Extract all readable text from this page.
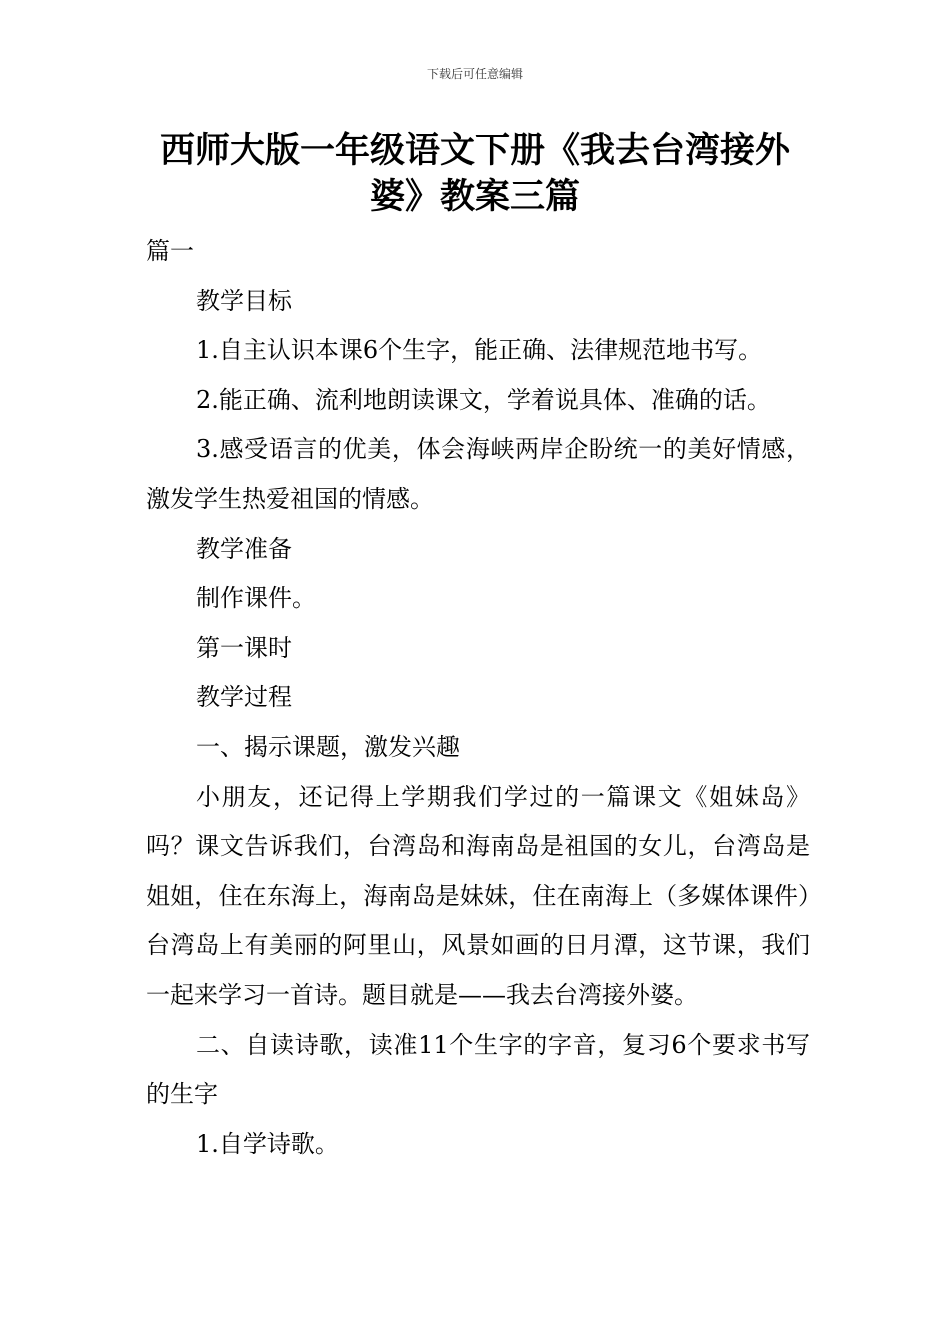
下载后可任意编辑
西师大版一年级语文下册《我去台湾接外
婆》教案三篇

篇一

教学目标

1.自主认识本课6个生字，能正确、法律规范地书写。

2.能正确、流利地朗读课文，学着说具体、准确的话。

3.感受语言的优美，体会海峡两岸企盼统一的美好情感，激发学生热爱祖国的情感。

教学准备

制作课件。

第一课时

教学过程

一、揭示课题，激发兴趣

小朋友，还记得上学期我们学过的一篇课文《姐妹岛》吗？课文告诉我们，台湾岛和海南岛是祖国的女儿，台湾岛是姐姐，住在东海上，海南岛是妹妹，住在南海上（多媒体课件）台湾岛上有美丽的阿里山，风景如画的日月潭，这节课，我们一起来学习一首诗。题目就是——我去台湾接外婆。

二、自读诗歌，读准11个生字的字音，复习6个要求书写的生字

1.自学诗歌。
